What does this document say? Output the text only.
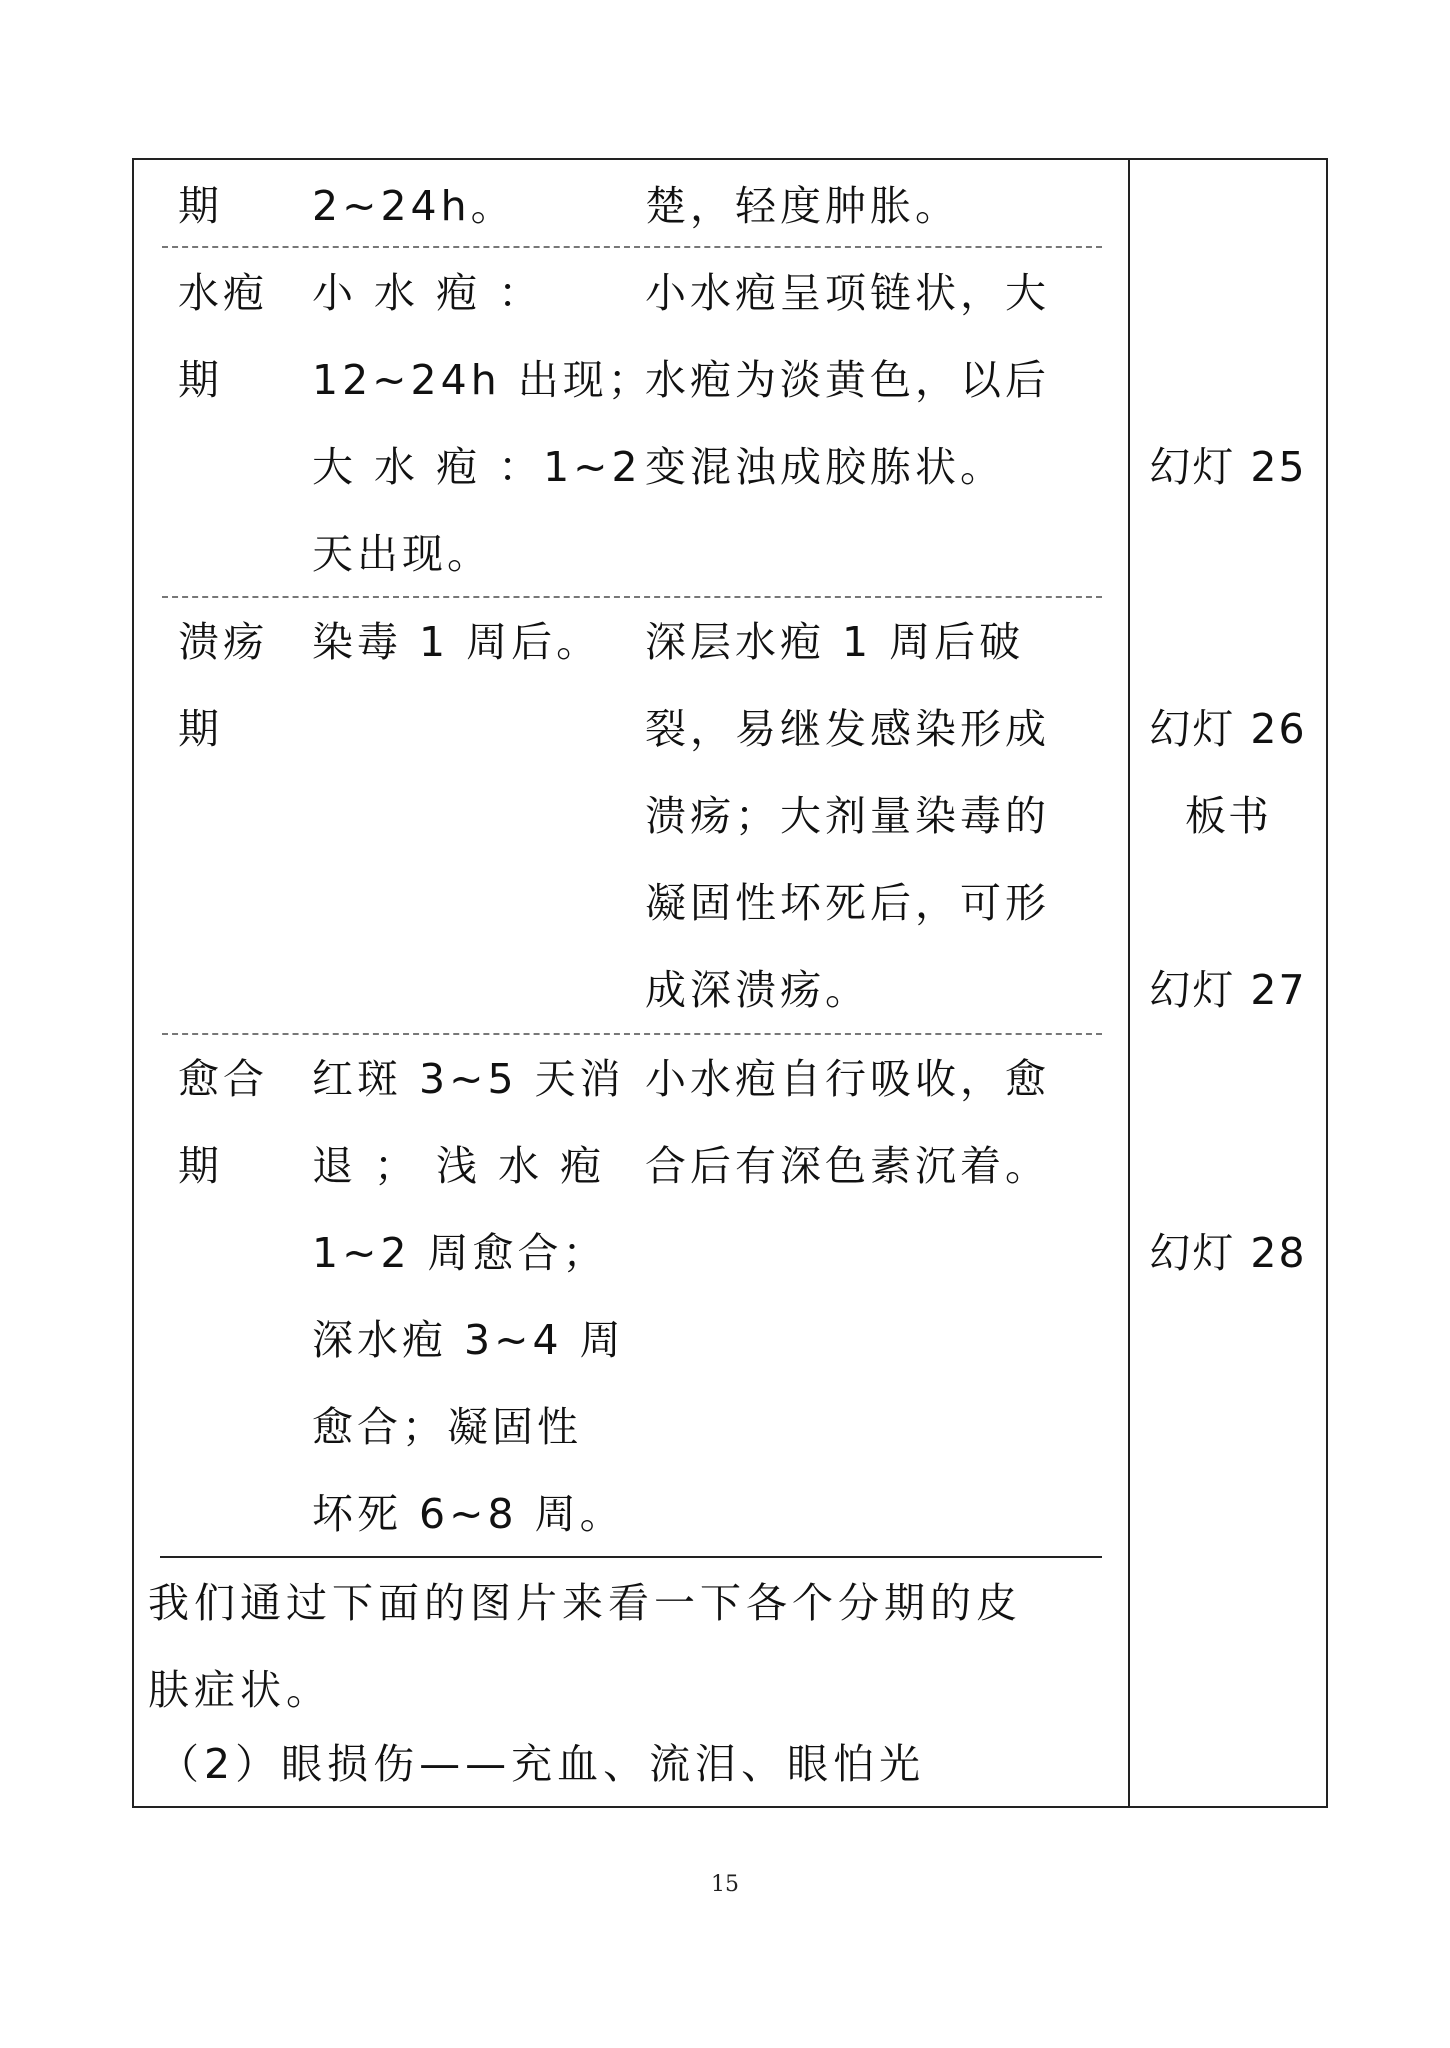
期 2~24h。	楚，轻度肿胀。
水疱
期
小 水 疱 ：
12~24h 出现；
大 水 疱 ：1~2
天出现。
小水疱呈项链状，大
水疱为淡黄色，以后
变混浊成胶胨状。
溃疡
期
染毒 1 周后。 深层水疱 1 周后破
裂，易继发感染形成
溃疡；大剂量染毒的
凝固性坏死后，可形
成深溃疡。
愈合
期
红斑 3~5 天消
退 ； 浅 水 疱
1~2 周愈合；
深水疱 3~4 周
愈合；凝固性
坏死 6~8 周。
小水疱自行吸收，愈
合后有深色素沉着。
幻灯 25
幻灯 26
板书
幻灯 27
幻灯 28
我们通过下面的图片来看一下各个分期的皮
肤症状。
（2）眼损伤——充血、流泪、眼怕光
15
